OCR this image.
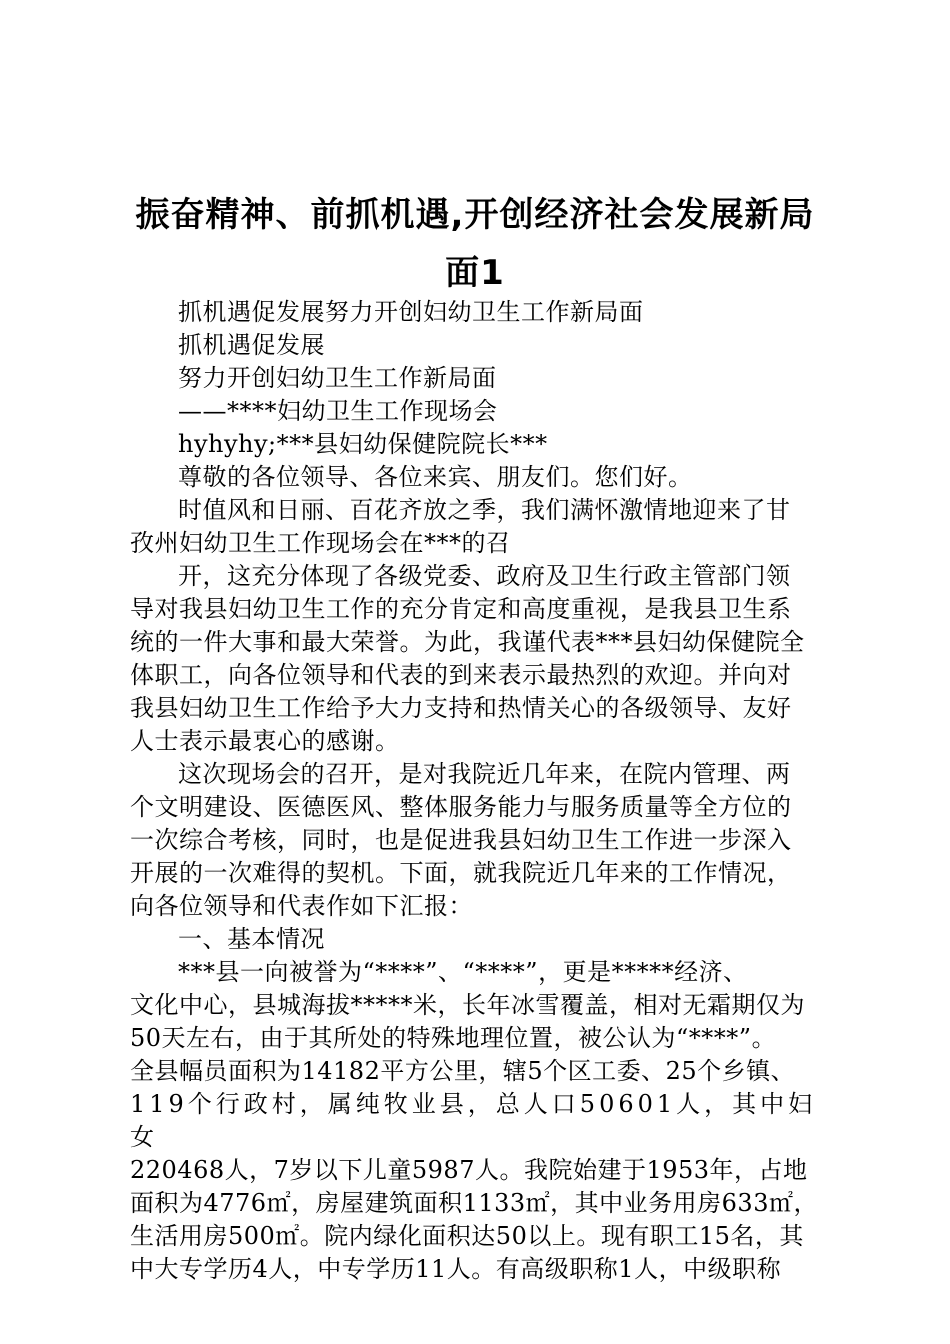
振奋精神、前抓机遇,开创经济社会发展新局
面1

抓机遇促发展努力开创妇幼卫生工作新局面

抓机遇促发展

努力开创妇幼卫生工作新局面

——****妇幼卫生工作现场会

hyhyhy;***县妇幼保健院院长***

尊敬的各位领导、各位来宾、朋友们。您们好。

时值风和日丽、百花齐放之季，我们满怀激情地迎来了甘

孜州妇幼卫生工作现场会在***的召

开，这充分体现了各级党委、政府及卫生行政主管部门领

导对我县妇幼卫生工作的充分肯定和高度重视，是我县卫生系

统的一件大事和最大荣誉。为此，我谨代表***县妇幼保健院全

体职工，向各位领导和代表的到来表示最热烈的欢迎。并向对

我县妇幼卫生工作给予大力支持和热情关心的各级领导、友好

人士表示最衷心的感谢。

这次现场会的召开，是对我院近几年来，在院内管理、两

个文明建设、医德医风、整体服务能力与服务质量等全方位的

一次综合考核，同时，也是促进我县妇幼卫生工作进一步深入

开展的一次难得的契机。下面，就我院近几年来的工作情况，

向各位领导和代表作如下汇报：

一、基本情况

***县一向被誉为“****”、“****”，更是*****经济、

文化中心，县城海拔*****米，长年冰雪覆盖，相对无霜期仅为

50天左右，由于其所处的特殊地理位置，被公认为“****”。

全县幅员面积为14182平方公里，辖5个区工委、25个乡镇、

119个行政村，属纯牧业县，总人口50601人，其中妇女

220468人，7岁以下儿童5987人。我院始建于1953年，占地

面积为4776㎡，房屋建筑面积1133㎡，其中业务用房633㎡，

生活用房500㎡。院内绿化面积达50以上。现有职工15名，其

中大专学历4人，中专学历11人。有高级职称1人，中级职称
